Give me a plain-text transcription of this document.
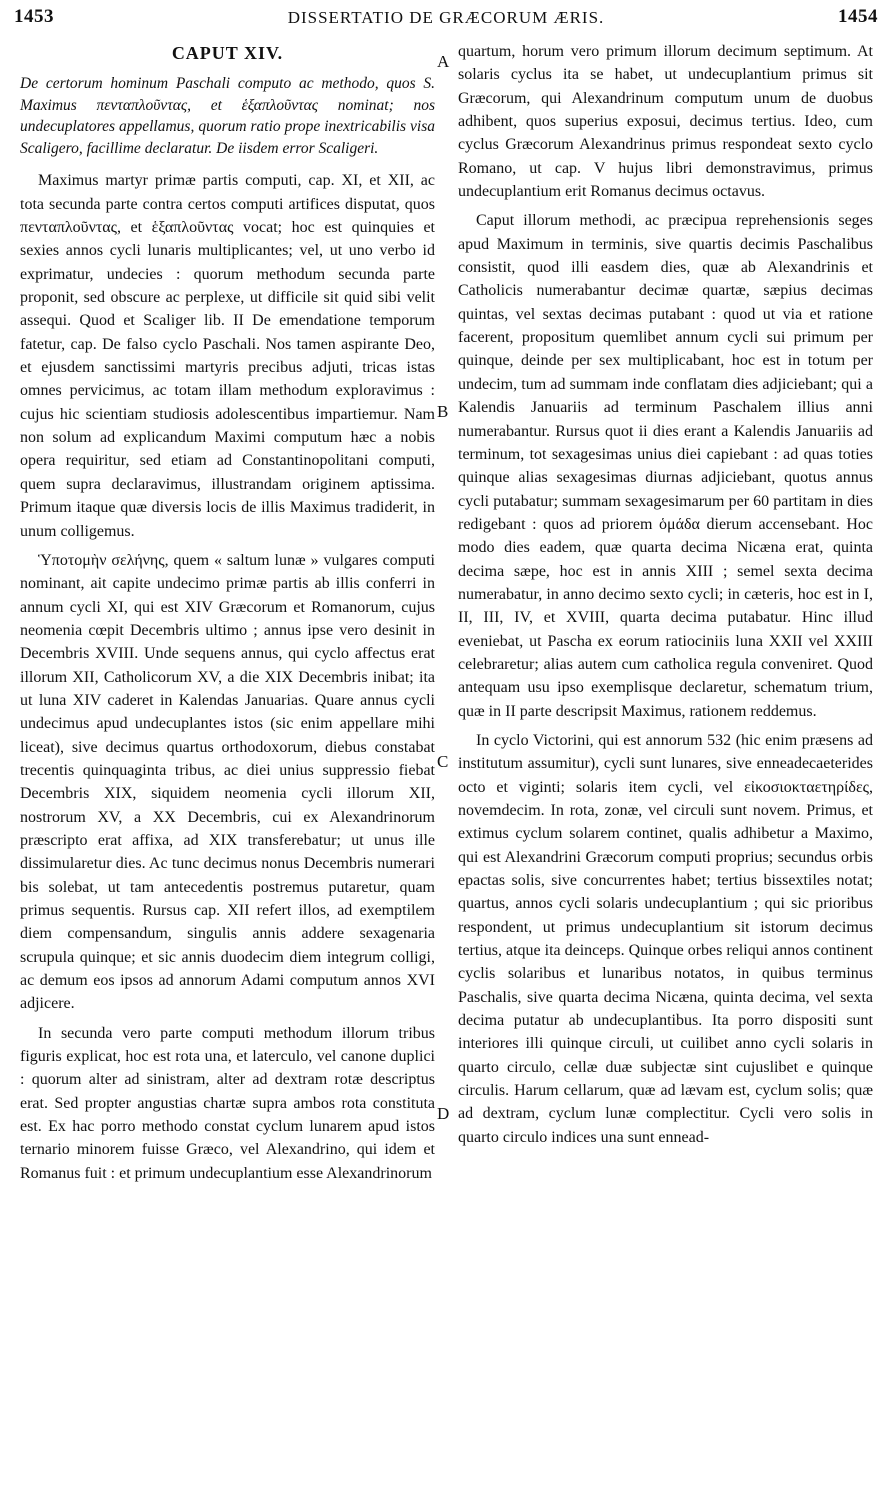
1453	DISSERTATIO DE GRÆCORUM ÆRIS.	1454
CAPUT XIV.
De certorum hominum Paschali computo ac methodo, quos S. Maximus πενταπλοῦντας, et ἑξαπλοῦντας nominat; nos undecuplatores appellamus, quorum ratio prope inextricabilis visa Scaligero, facillime declaratur. De iisdem error Scaligeri.

Maximus martyr primæ partis computi, cap. XI, et XII, ac tota secunda parte contra certos computi artifices disputat, quos πενταπλοῦντας, et ἑξαπλοῦντας vocat; hoc est quinquies et sexies annos cycli lunaris multiplicantes; vel, ut uno verbo id exprimatur, undecies : quorum methodum secunda parte proponit, sed obscure ac perplexe, ut difficile sit quid sibi velit assequi. Quod et Scaliger lib. II De emendatione temporum fatetur, cap. De falso cyclo Paschali. Nos tamen aspirante Deo, et ejusdem sanctissimi martyris precibus adjuti, tricas istas omnes pervicimus, ac totam illam methodum exploravimus : cujus hic scientiam studiosis adolescentibus impartiemur. Nam non solum ad explicandum Maximi computum hæc a nobis opera requiritur, sed etiam ad Constantinopolitani computi, quem supra declaravimus, illustrandam originem aptissima. Primum itaque quæ diversis locis de illis Maximus tradiderit, in unum colligemus.

Ὑποτομὴν σελήνης, quem « saltum lunæ » vulgares computi nominant, ait capite undecimo primæ partis ab illis conferri in annum cycli XI, qui est XIV Græcorum et Romanorum, cujus neomenia cœpit Decembris ultimo ; annus ipse vero desinit in Decembris XVIII. Unde sequens annus, qui cyclo affectus erat illorum XII, Catholicorum XV, a die XIX Decembris inibat; ita ut luna XIV caderet in Kalendas Januarias. Quare annus cycli undecimus apud undecuplantes istos (sic enim appellare mihi liceat), sive decimus quartus orthodoxorum, diebus constabat trecentis quinquaginta tribus, ac diei unius suppressio fiebat Decembris XIX, siquidem neomenia cycli illorum XII, nostrorum XV, a XX Decembris, cui ex Alexandrinorum præscripto erat affixa, ad XIX transferebatur; ut unus ille dissimularetur dies. Ac tunc decimus nonus Decembris numerari bis solebat, ut tam antecedentis postremus putaretur, quam primus sequentis. Rursus cap. XII refert illos, ad exemptilem diem compensandum, singulis annis addere sexagenaria scrupula quinque; et sic annis duodecim diem integrum colligi, ac demum eos ipsos ad annorum Adami computum annos XVI adjicere.

In secunda vero parte computi methodum illorum tribus figuris explicat, hoc est rota una, et laterculo, vel canone duplici : quorum alter ad sinistram, alter ad dextram rotæ descriptus erat. Sed propter angustias chartæ supra ambos rota constituta est. Ex hac porro methodo constat cyclum lunarem apud istos ternario minorem fuisse Græco, vel Alexandrino, qui idem et Romanus fuit : et primum undecuplantium esse Alexandrinorum

A
B
C
D

quartum, horum vero primum illorum decimum septimum. At solaris cyclus ita se habet, ut undecuplantium primus sit Græcorum, qui Alexandrinum computum unum de duobus adhibent, quos superius exposui, decimus tertius. Ideo, cum cyclus Græcorum Alexandrinus primus respondeat sexto cyclo Romano, ut cap. V hujus libri demonstravimus, primus undecuplantium erit Romanus decimus octavus.

Caput illorum methodi, ac præcipua reprehensionis seges apud Maximum in terminis, sive quartis decimis Paschalibus consistit, quod illi easdem dies, quæ ab Alexandrinis et Catholicis numerabantur decimæ quartæ, sæpius decimas quintas, vel sextas decimas putabant : quod ut via et ratione facerent, propositum quemlibet annum cycli sui primum per quinque, deinde per sex multiplicabant, hoc est in totum per undecim, tum ad summam inde conflatam dies adjiciebant; qui a Kalendis Januariis ad terminum Paschalem illius anni numerabantur. Rursus quot ii dies erant a Kalendis Januariis ad terminum, tot sexagesimas unius diei capiebant : ad quas toties quinque alias sexagesimas diurnas adjiciebant, quotus annus cycli putabatur; summam sexagesimarum per 60 partitam in dies redigebant : quos ad priorem ὁμάδα dierum accensebant. Hoc modo dies eadem, quæ quarta decima Nicæna erat, quinta decima sæpe, hoc est in annis XIII ; semel sexta decima numerabatur, in anno decimo sexto cycli; in cæteris, hoc est in I, II, III, IV, et XVIII, quarta decima putabatur. Hinc illud eveniebat, ut Pascha ex eorum ratiociniis luna XXII vel XXIII celebraretur; alias autem cum catholica regula conveniret. Quod antequam usu ipso exemplisque declaretur, schematum trium, quæ in II parte descripsit Maximus, rationem reddemus.

In cyclo Victorini, qui est annorum 532 (hic enim præsens ad institutum assumitur), cycli sunt lunares, sive enneadecaeterides octo et viginti; solaris item cycli, vel εἰκοσιοκταετηρίδες, novemdecim. In rota, zonæ, vel circuli sunt novem. Primus, et extimus cyclum solarem continet, qualis adhibetur a Maximo, qui est Alexandrini Græcorum computi proprius; secundus orbis epactas solis, sive concurrentes habet; tertius bissextiles notat; quartus, annos cycli solaris undecuplantium ; qui sic prioribus respondent, ut primus undecuplantium sit istorum decimus tertius, atque ita deinceps. Quinque orbes reliqui annos continent cyclis solaribus et lunaribus notatos, in quibus terminus Paschalis, sive quarta decima Nicæna, quinta decima, vel sexta decima putatur ab undecuplantibus. Ita porro dispositi sunt interiores illi quinque circuli, ut cuilibet anno cycli solaris in quarto circulo, cellæ duæ subjectæ sint cujuslibet e quinque circulis. Harum cellarum, quæ ad lævam est, cyclum solis; quæ ad dextram, cyclum lunæ complectitur. Cycli vero solis in quarto circulo indices una sunt ennead-
